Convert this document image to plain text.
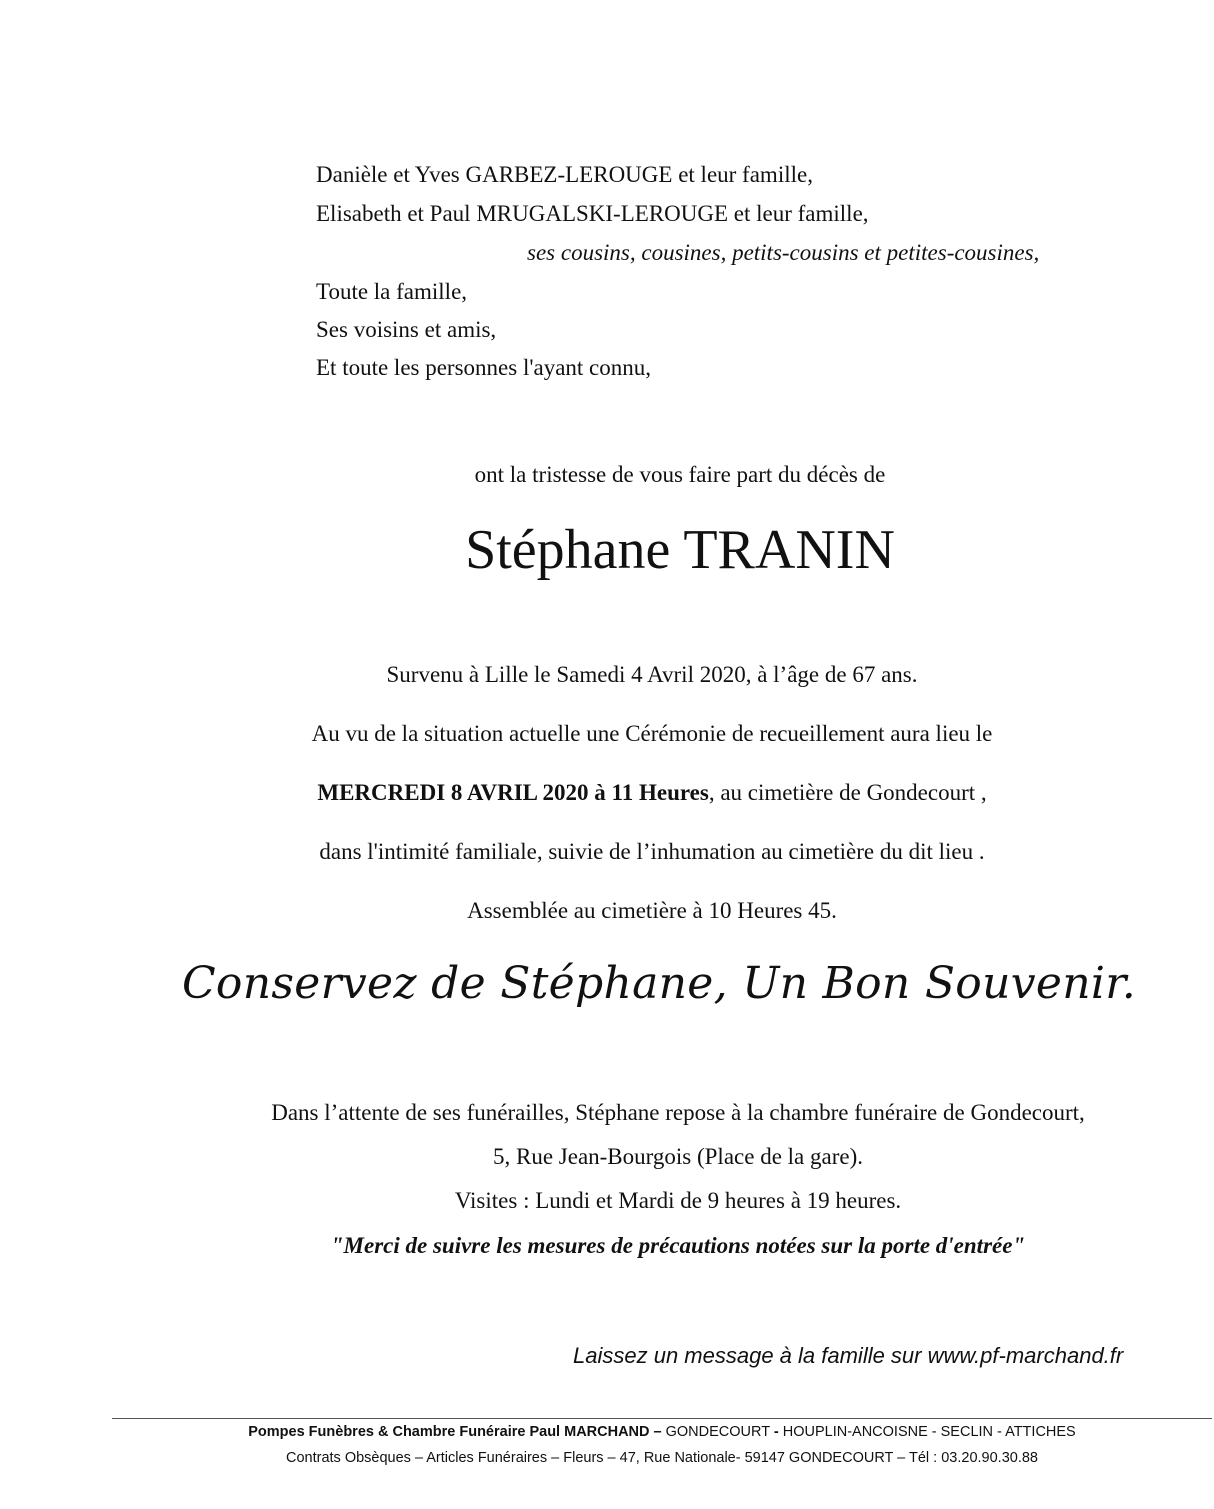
Danièle et Yves GARBEZ-LEROUGE et leur famille,

Elisabeth et Paul MRUGALSKI-LEROUGE et leur famille,

ses cousins, cousines, petits-cousins et petites-cousines,

Toute la famille,

Ses voisins et amis,

Et toute les personnes l'ayant connu,

ont la tristesse de vous faire part du décès de

Stéphane TRANIN

Survenu à Lille le Samedi 4 Avril 2020, à l’âge de 67 ans.

Au vu de la situation actuelle une Cérémonie de recueillement aura lieu le

MERCREDI 8 AVRIL 2020 à 11 Heures, au cimetière de Gondecourt ,

dans l'intimité familiale, suivie de l’inhumation au cimetière du dit lieu .

Assemblée au cimetière à 10 Heures 45.

Conservez de Stéphane, Un Bon Souvenir.

Dans l’attente de ses funérailles, Stéphane repose à la chambre funéraire de Gondecourt,

5, Rue Jean-Bourgois (Place de la gare).

Visites : Lundi et Mardi de 9 heures à 19 heures.

"Merci de suivre les mesures de précautions notées sur la porte d'entrée"

Laissez un message à la famille sur www.pf-marchand.fr

Pompes Funèbres & Chambre Funéraire Paul MARCHAND – GONDECOURT - HOUPLIN-ANCOISNE - SECLIN - ATTICHES

Contrats Obsèques – Articles Funéraires – Fleurs – 47, Rue Nationale- 59147 GONDECOURT – Tél : 03.20.90.30.88
